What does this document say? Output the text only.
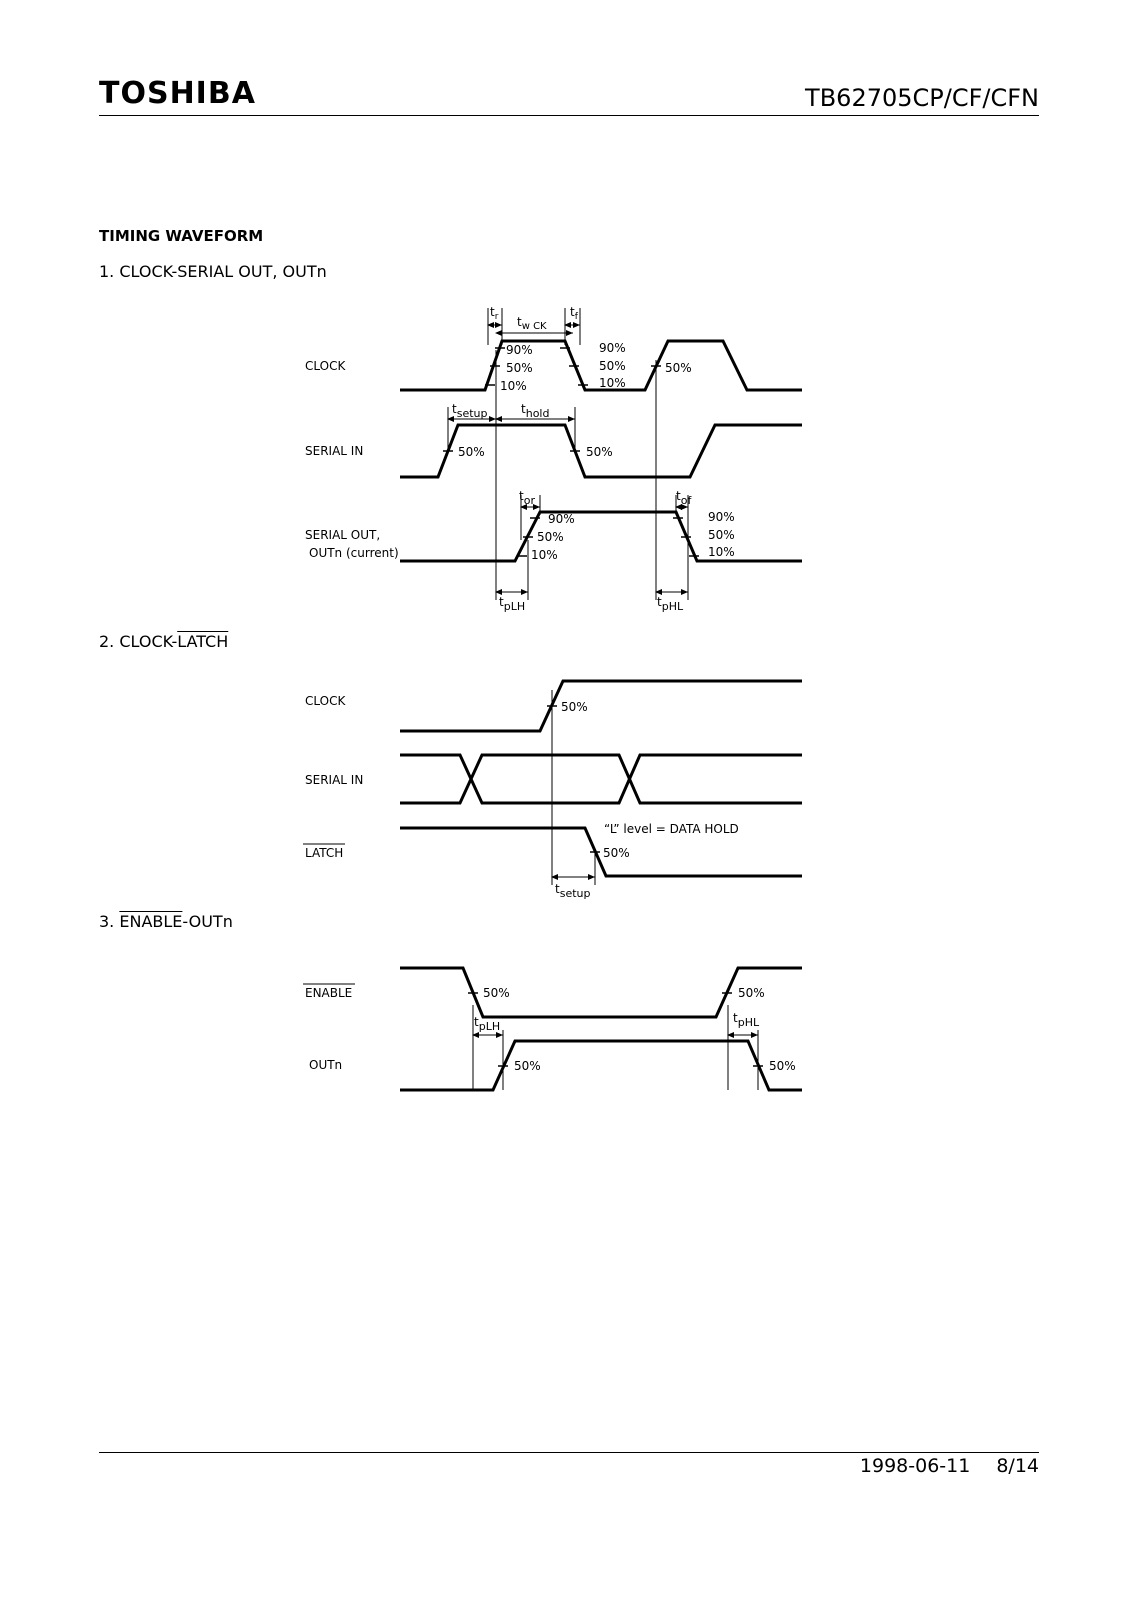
TOSHIBA	TB62705CP/CF/CFN
TIMING WAVEFORM
1. CLOCK-SERIAL OUT, OUTn
2. CLOCK-LATCH
3. ENABLE-OUTn
CLOCK
SERIAL IN
SERIAL OUT,
OUTn (current)
90%
50%
10%
90%
50%
10%
50%
50%	50%
90%
50%
10%
90%
50%
10%
$t_r$	$t_f$
$t_{w CK}$
tsetup	thold
tor	tof
tpLH	tpHL
CLOCK
SERIAL IN
LATCH
50%
50%
“L” level = DATA HOLD
tsetup
ENABLE
OUTn
50%	50%
50%	50%
tpLH
tpHL
1998-06-11 8/14
